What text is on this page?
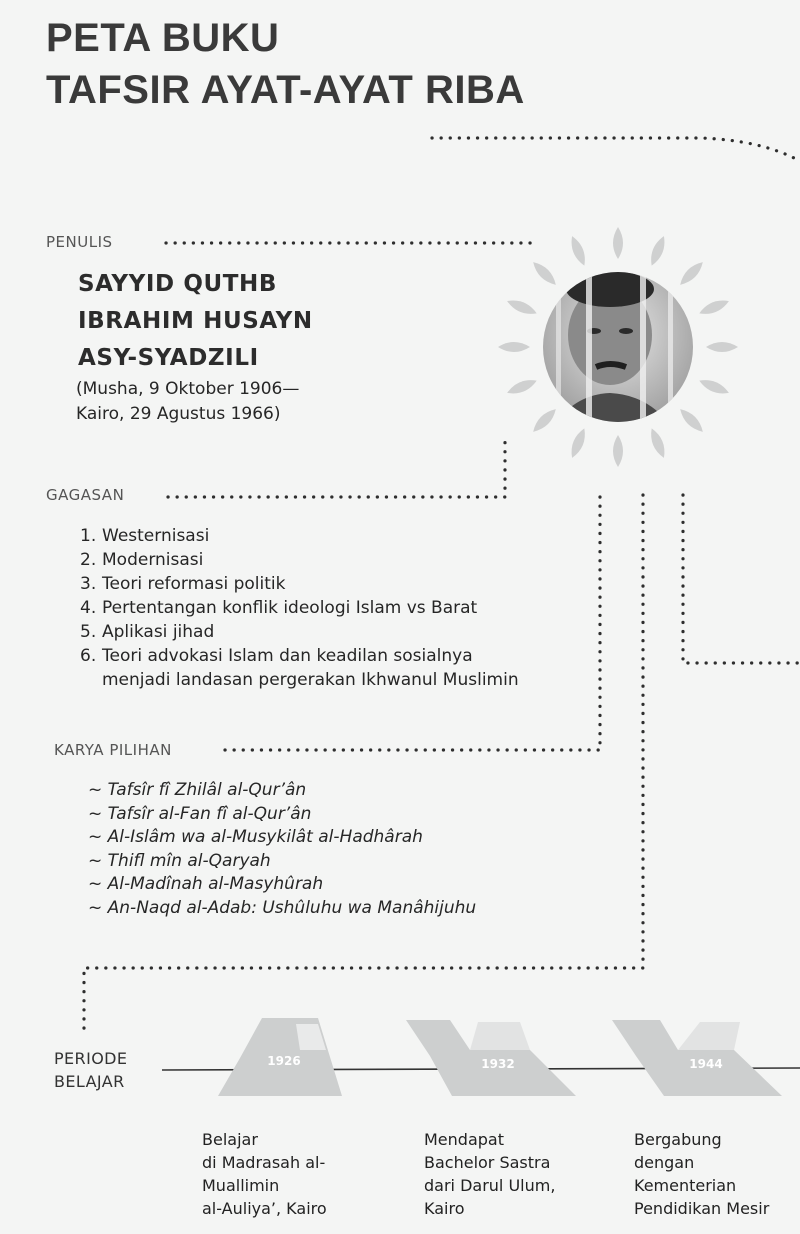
PETA BUKU
TAFSIR AYAT-AYAT RIBA
PENULIS
SAYYID QUTHB
IBRAHIM HUSAYN
ASY-SYADZILI
(Musha, 9 Oktober 1906—
Kairo, 29 Agustus 1966)
GAGASAN
1. Westernisasi
2. Modernisasi
3. Teori reformasi politik
4. Pertentangan konflik ideologi Islam vs Barat
5. Aplikasi jihad
6. Teori advokasi Islam dan keadilan sosialnya
menjadi landasan pergerakan Ikhwanul Muslimin
KARYA PILIHAN
~ Tafsîr fî Zhilâl al-Qur’ân
~ Tafsîr al-Fan fî al-Qur’ân
~ Al-Islâm wa al-Musykilât al-Hadhârah
~ Thifl mîn al-Qaryah
~ Al-Madînah al-Masyhûrah
~ An-Naqd al-Adab: Ushûluhu wa Manâhijuhu
PERIODE
BELAJAR
1926	1932	1944
Belajar
di Madrasah al-
Muallimin
al-Auliya’, Kairo
Mendapat
Bachelor Sastra
dari Darul Ulum,
Kairo
Bergabung
dengan
Kementerian
Pendidikan Mesir
